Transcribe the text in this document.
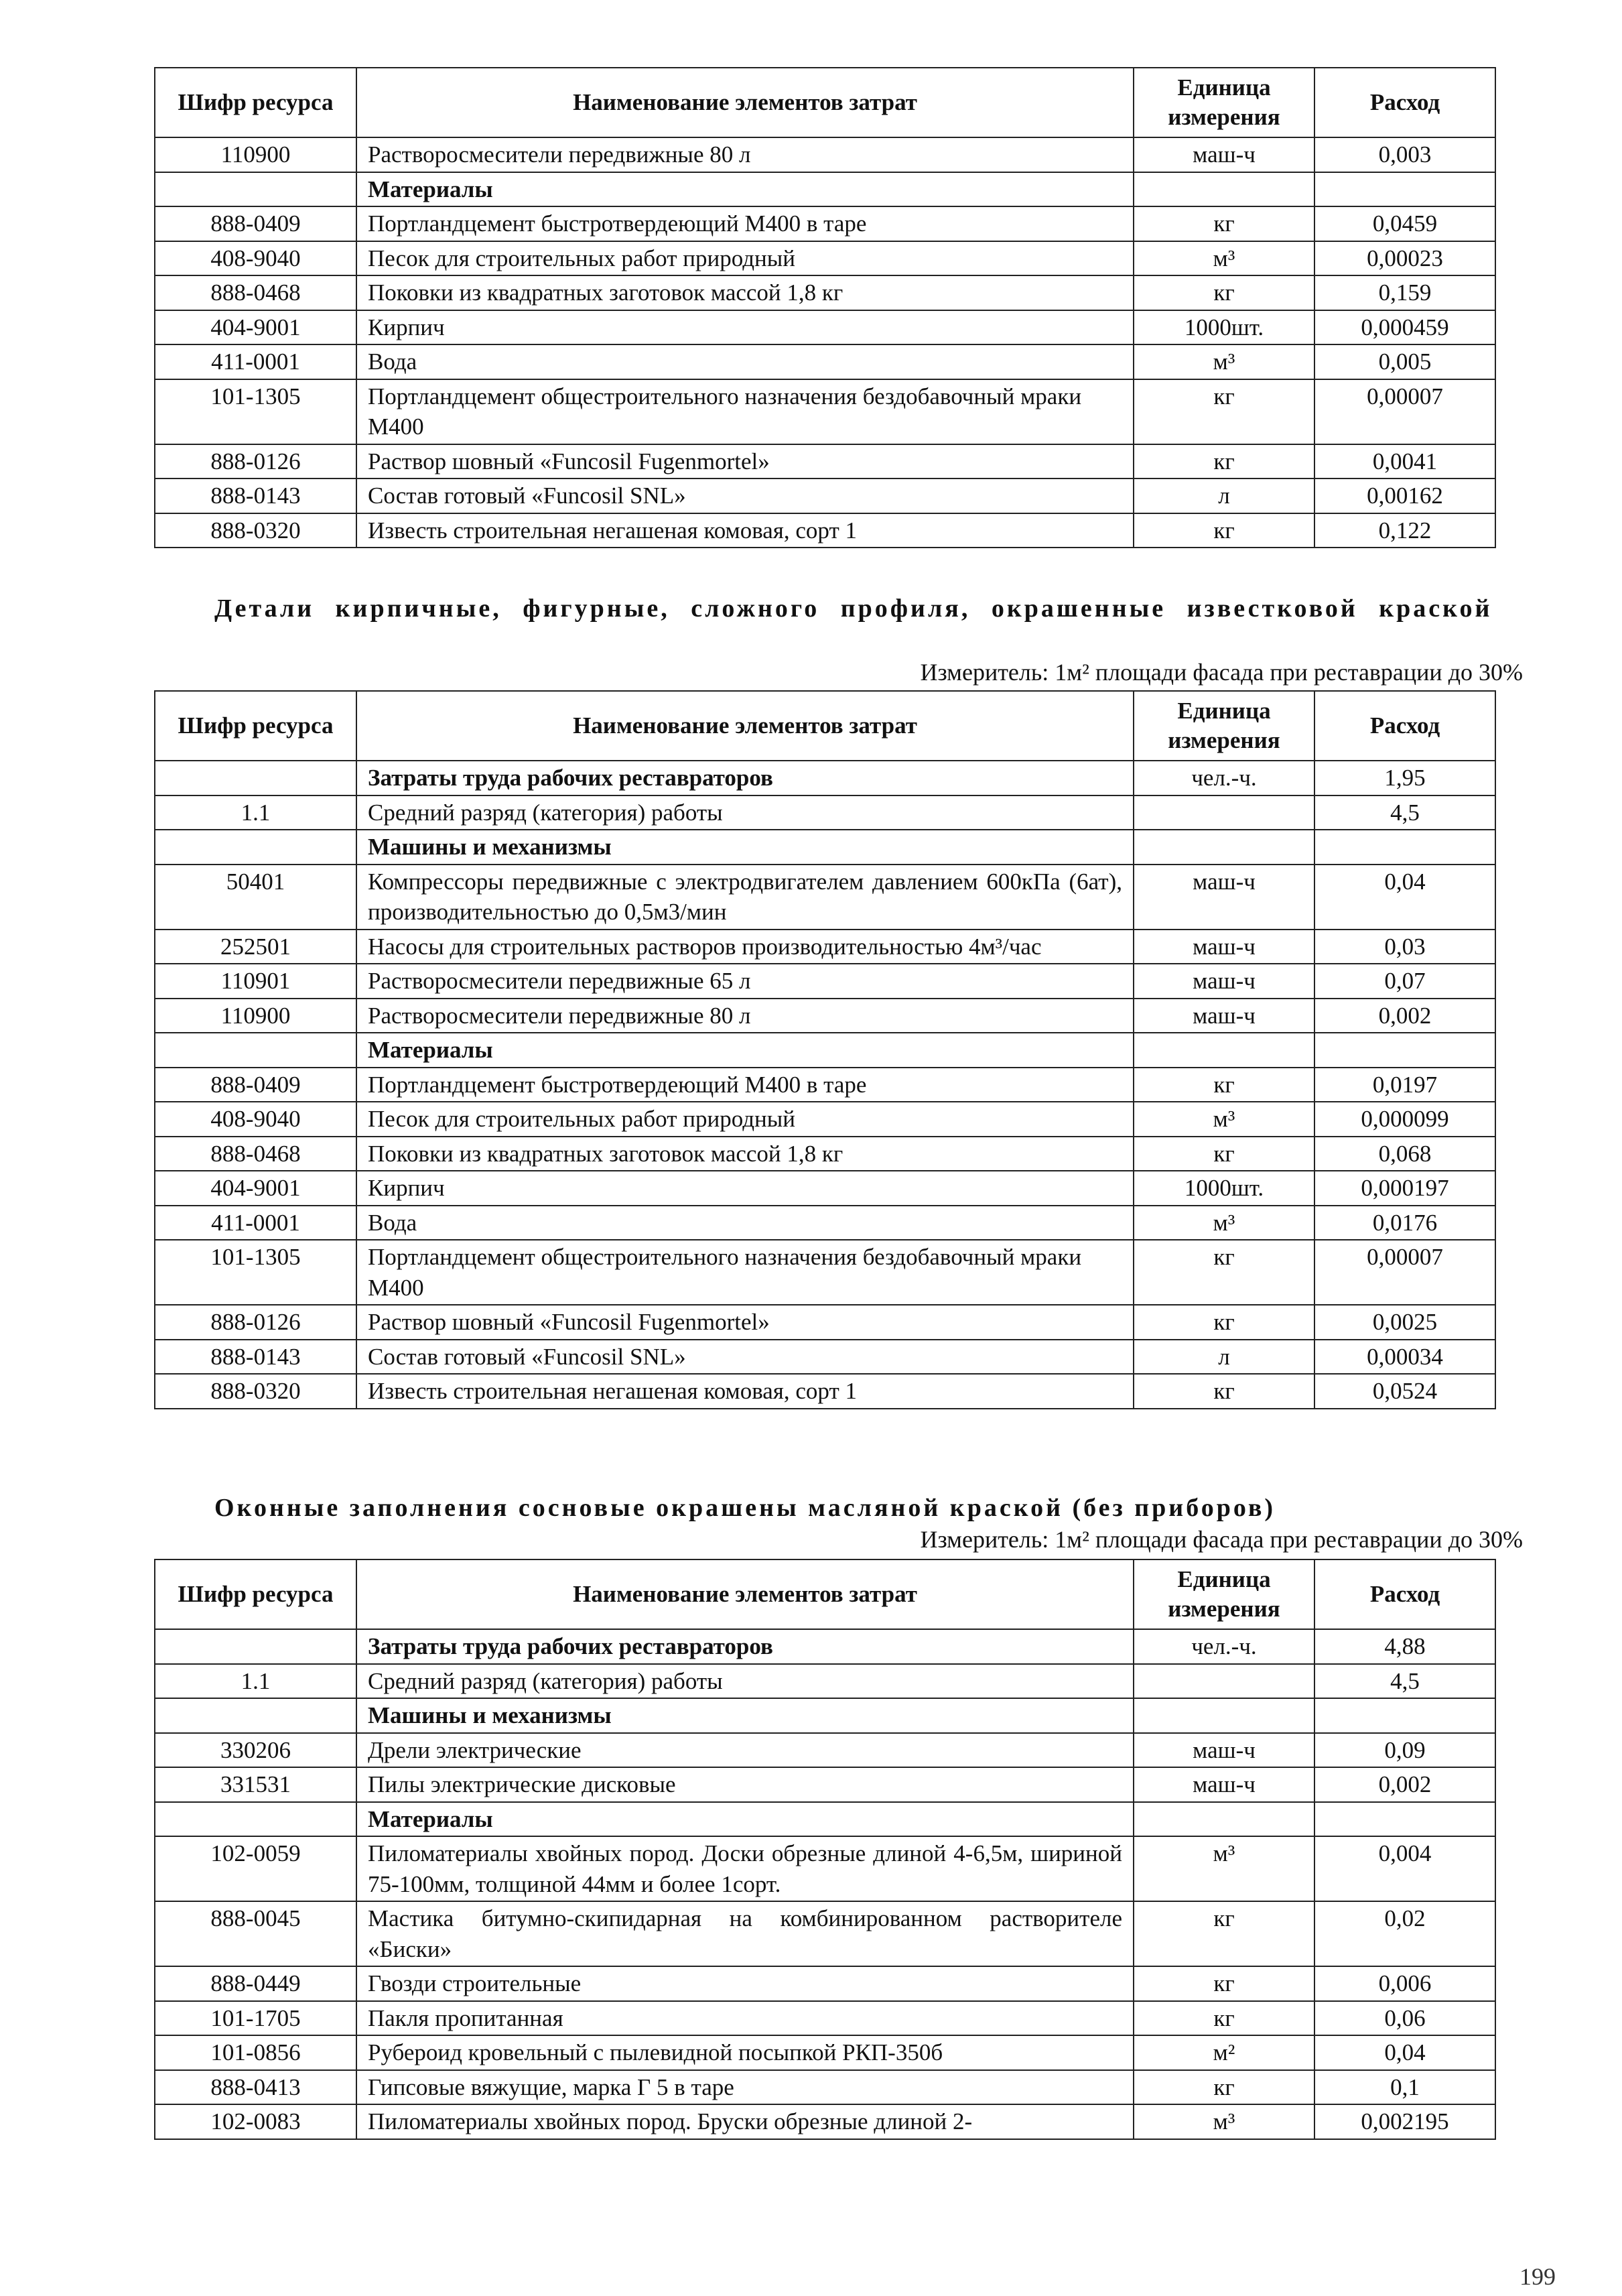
Шифр ресурса	Наименование элементов затрат	Единица измерения	Расход
110900	Растворосмесители передвижные 80 л	маш-ч	0,003
	Материалы		
888-0409	Портландцемент быстротвердеющий М400 в таре	кг	0,0459
408-9040	Песок для строительных работ природный	м³	0,00023
888-0468	Поковки из квадратных заготовок массой 1,8 кг	кг	0,159
404-9001	Кирпич	1000шт.	0,000459
411-0001	Вода	м³	0,005
101-1305	Портландцемент общестроительного назначения бездобавочный мраки М400	кг	0,00007
888-0126	Раствор шовный «Funcosil Fugenmortel»	кг	0,0041
888-0143	Состав готовый «Funcosil SNL»	л	0,00162
888-0320	Известь строительная негашеная комовая, сорт 1	кг	0,122
Детали кирпичные, фигурные, сложного профиля, окрашенные известковой краской
Измеритель: 1м² площади фасада при реставрации до 30%
Шифр ресурса	Наименование элементов затрат	Единица измерения	Расход
	Затраты труда рабочих реставраторов	чел.-ч.	1,95
1.1	Средний разряд (категория) работы		4,5
	Машины и механизмы		
50401	Компрессоры передвижные с электродвигателем давлением 600кПа (6ат), производительностью до 0,5м3/мин	маш-ч	0,04
252501	Насосы для строительных растворов производительностью 4м³/час	маш-ч	0,03
110901	Растворосмесители передвижные 65 л	маш-ч	0,07
110900	Растворосмесители передвижные 80 л	маш-ч	0,002
	Материалы		
888-0409	Портландцемент быстротвердеющий М400 в таре	кг	0,0197
408-9040	Песок для строительных работ природный	м³	0,000099
888-0468	Поковки из квадратных заготовок массой 1,8 кг	кг	0,068
404-9001	Кирпич	1000шт.	0,000197
411-0001	Вода	м³	0,0176
101-1305	Портландцемент общестроительного назначения бездобавочный мраки М400	кг	0,00007
888-0126	Раствор шовный «Funcosil Fugenmortel»	кг	0,0025
888-0143	Состав готовый «Funcosil SNL»	л	0,00034
888-0320	Известь строительная негашеная комовая, сорт 1	кг	0,0524
Оконные заполнения сосновые окрашены масляной краской (без приборов)
Измеритель: 1м² площади фасада при реставрации до 30%
Шифр ресурса	Наименование элементов затрат	Единица измерения	Расход
	Затраты труда рабочих реставраторов	чел.-ч.	4,88
1.1	Средний разряд (категория) работы		4,5
	Машины и механизмы		
330206	Дрели электрические	маш-ч	0,09
331531	Пилы электрические дисковые	маш-ч	0,002
	Материалы		
102-0059	Пиломатериалы хвойных пород. Доски обрезные длиной 4-6,5м, шириной 75-100мм, толщиной 44мм и более 1сорт.	м³	0,004
888-0045	Мастика битумно-скипидарная на комбинированном растворителе «Биски»	кг	0,02
888-0449	Гвозди строительные	кг	0,006
101-1705	Пакля пропитанная	кг	0,06
101-0856	Рубероид кровельный с пылевидной посыпкой РКП-350б	м²	0,04
888-0413	Гипсовые вяжущие, марка Г 5 в таре	кг	0,1
102-0083	Пиломатериалы хвойных пород. Бруски обрезные длиной 2-	м³	0,002195
199
